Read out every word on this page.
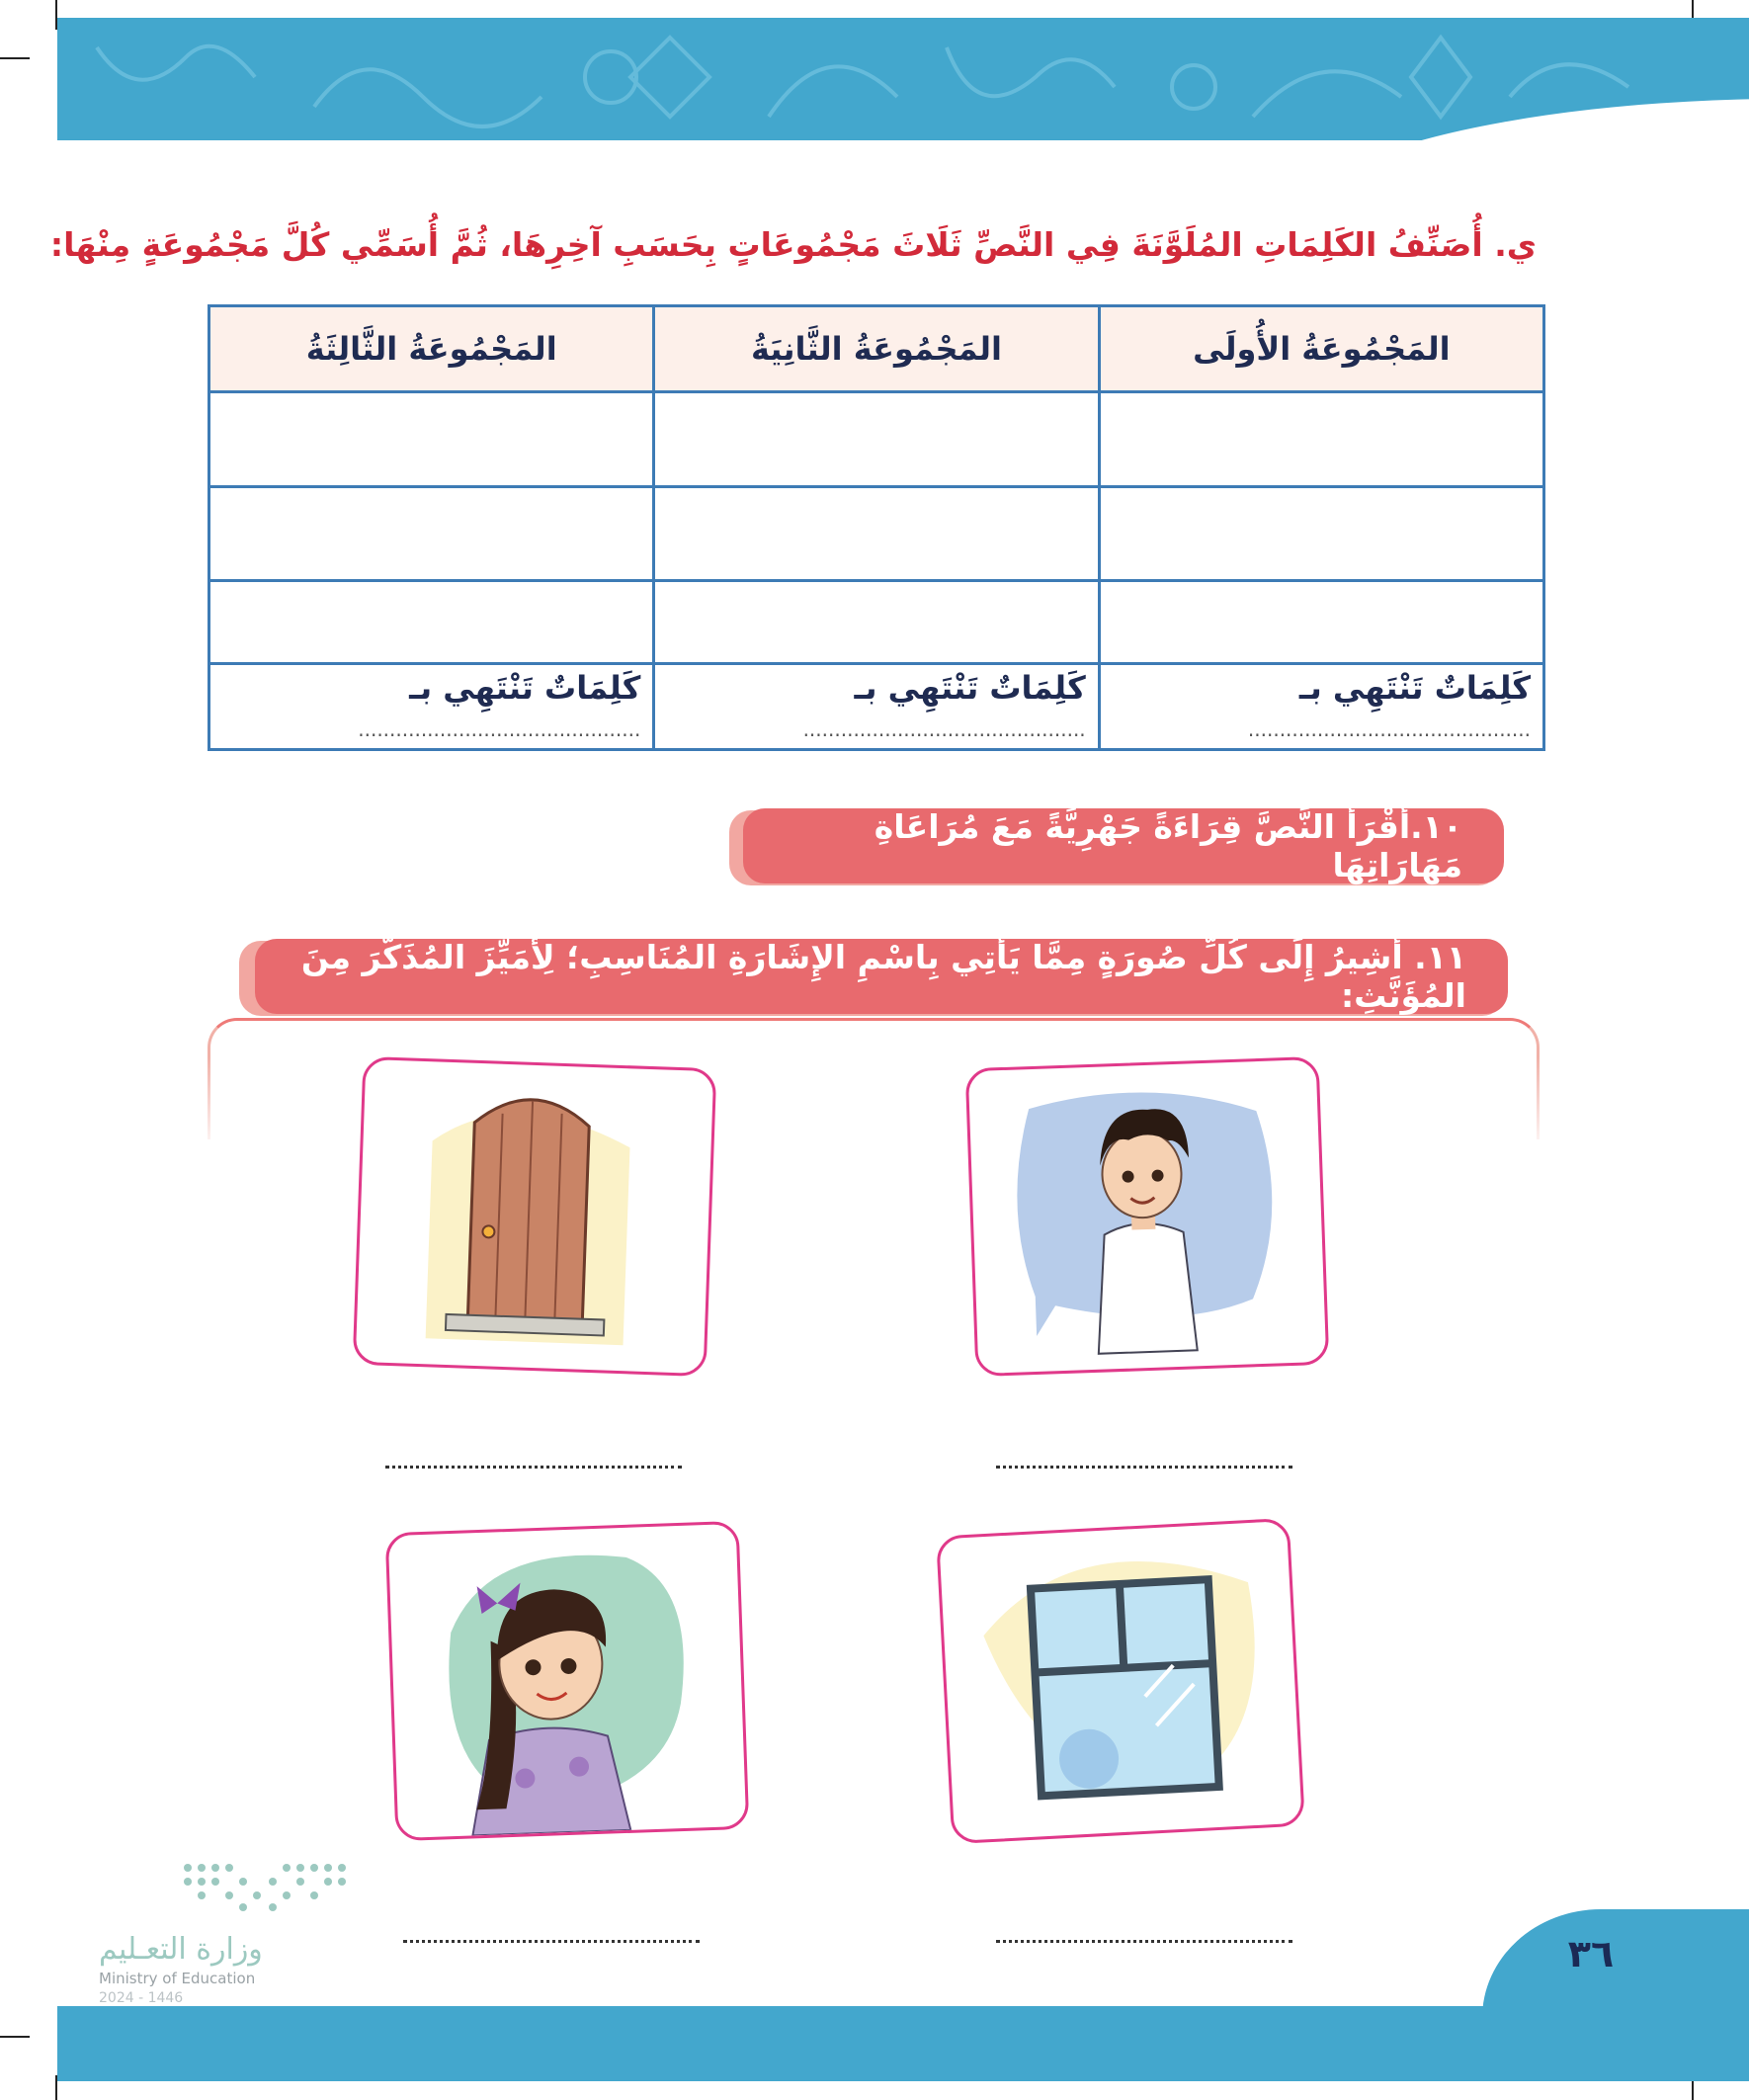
ي. أُصَنِّفُ الكَلِمَاتِ المُلَوَّنَةَ فِي النَّصِّ ثَلَاثَ مَجْمُوعَاتٍ بِحَسَبِ آخِرِهَا، ثُمَّ أُسَمِّي كُلَّ مَجْمُوعَةٍ مِنْهَا:
المَجْمُوعَةُ الأُولَى	المَجْمُوعَةُ الثَّانِيَةُ	المَجْمُوعَةُ الثَّالِثَةُ

كَلِمَاتٌ تَنْتَهِي بـ .............................................	كَلِمَاتٌ تَنْتَهِي بـ .............................................	كَلِمَاتٌ تَنْتَهِي بـ .............................................
١٠.أَقْرَأُ النَّصَّ قِرَاءَةً جَهْرِيَّةً مَعَ مُرَاعَاةِ مَهَارَاتِهَا
١١. أُشِيرُ إِلَى كُلِّ صُورَةٍ مِمَّا يَأْتِي بِاسْمِ الإِشَارَةِ المُنَاسِبِ؛ لِأُمَيِّزَ المُذَكَّرَ مِنَ المُؤَنَّثِ:
٣٦
وزارة التعـليم
Ministry of Education
2024 - 1446
